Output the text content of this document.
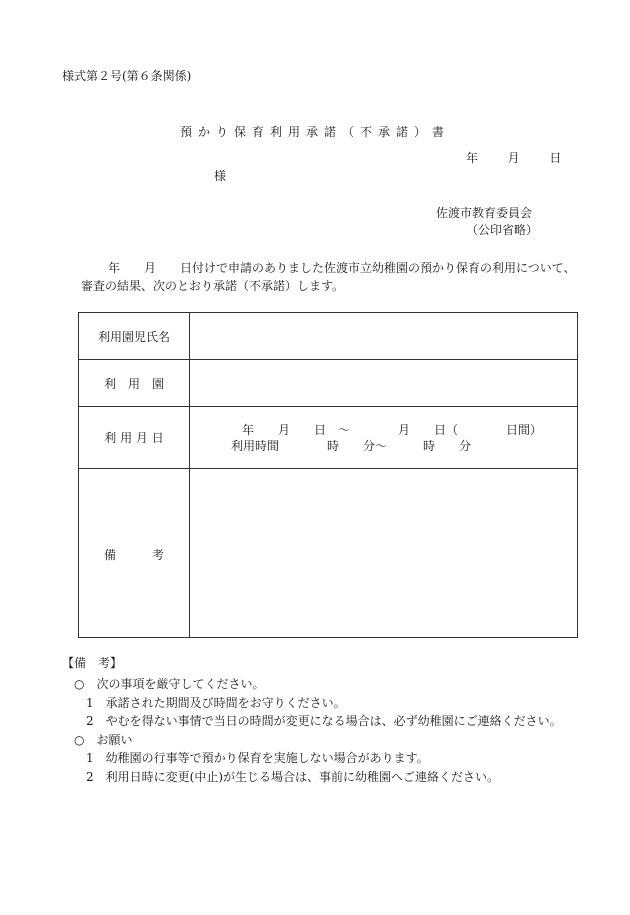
様式第２号(第６条関係)
預かり保育利用承諾（不承諾）書
年 月 日
様
佐渡市教育委員会
（公印省略）
年　　月　　日付けで申請のありました佐渡市立幼稚園の預かり保育の利用について、
審査の結果、次のとおり承諾（不承諾）します。
利用園児氏名
利　用　園
利 用 月 日
年　　月　　日　～　　　　月　　日（　　　　日間）
利用時間　　　　時　　分～　　　時　　分
備　　　考
【備　考】
○　次の事項を厳守してください。
1　承諾された期間及び時間をお守りください。
2　やむを得ない事情で当日の時間が変更になる場合は、必ず幼稚園にご連絡ください。
○　お願い
1　幼稚園の行事等で預かり保育を実施しない場合があります。
2　利用日時に変更(中止)が生じる場合は、事前に幼稚園へご連絡ください。
